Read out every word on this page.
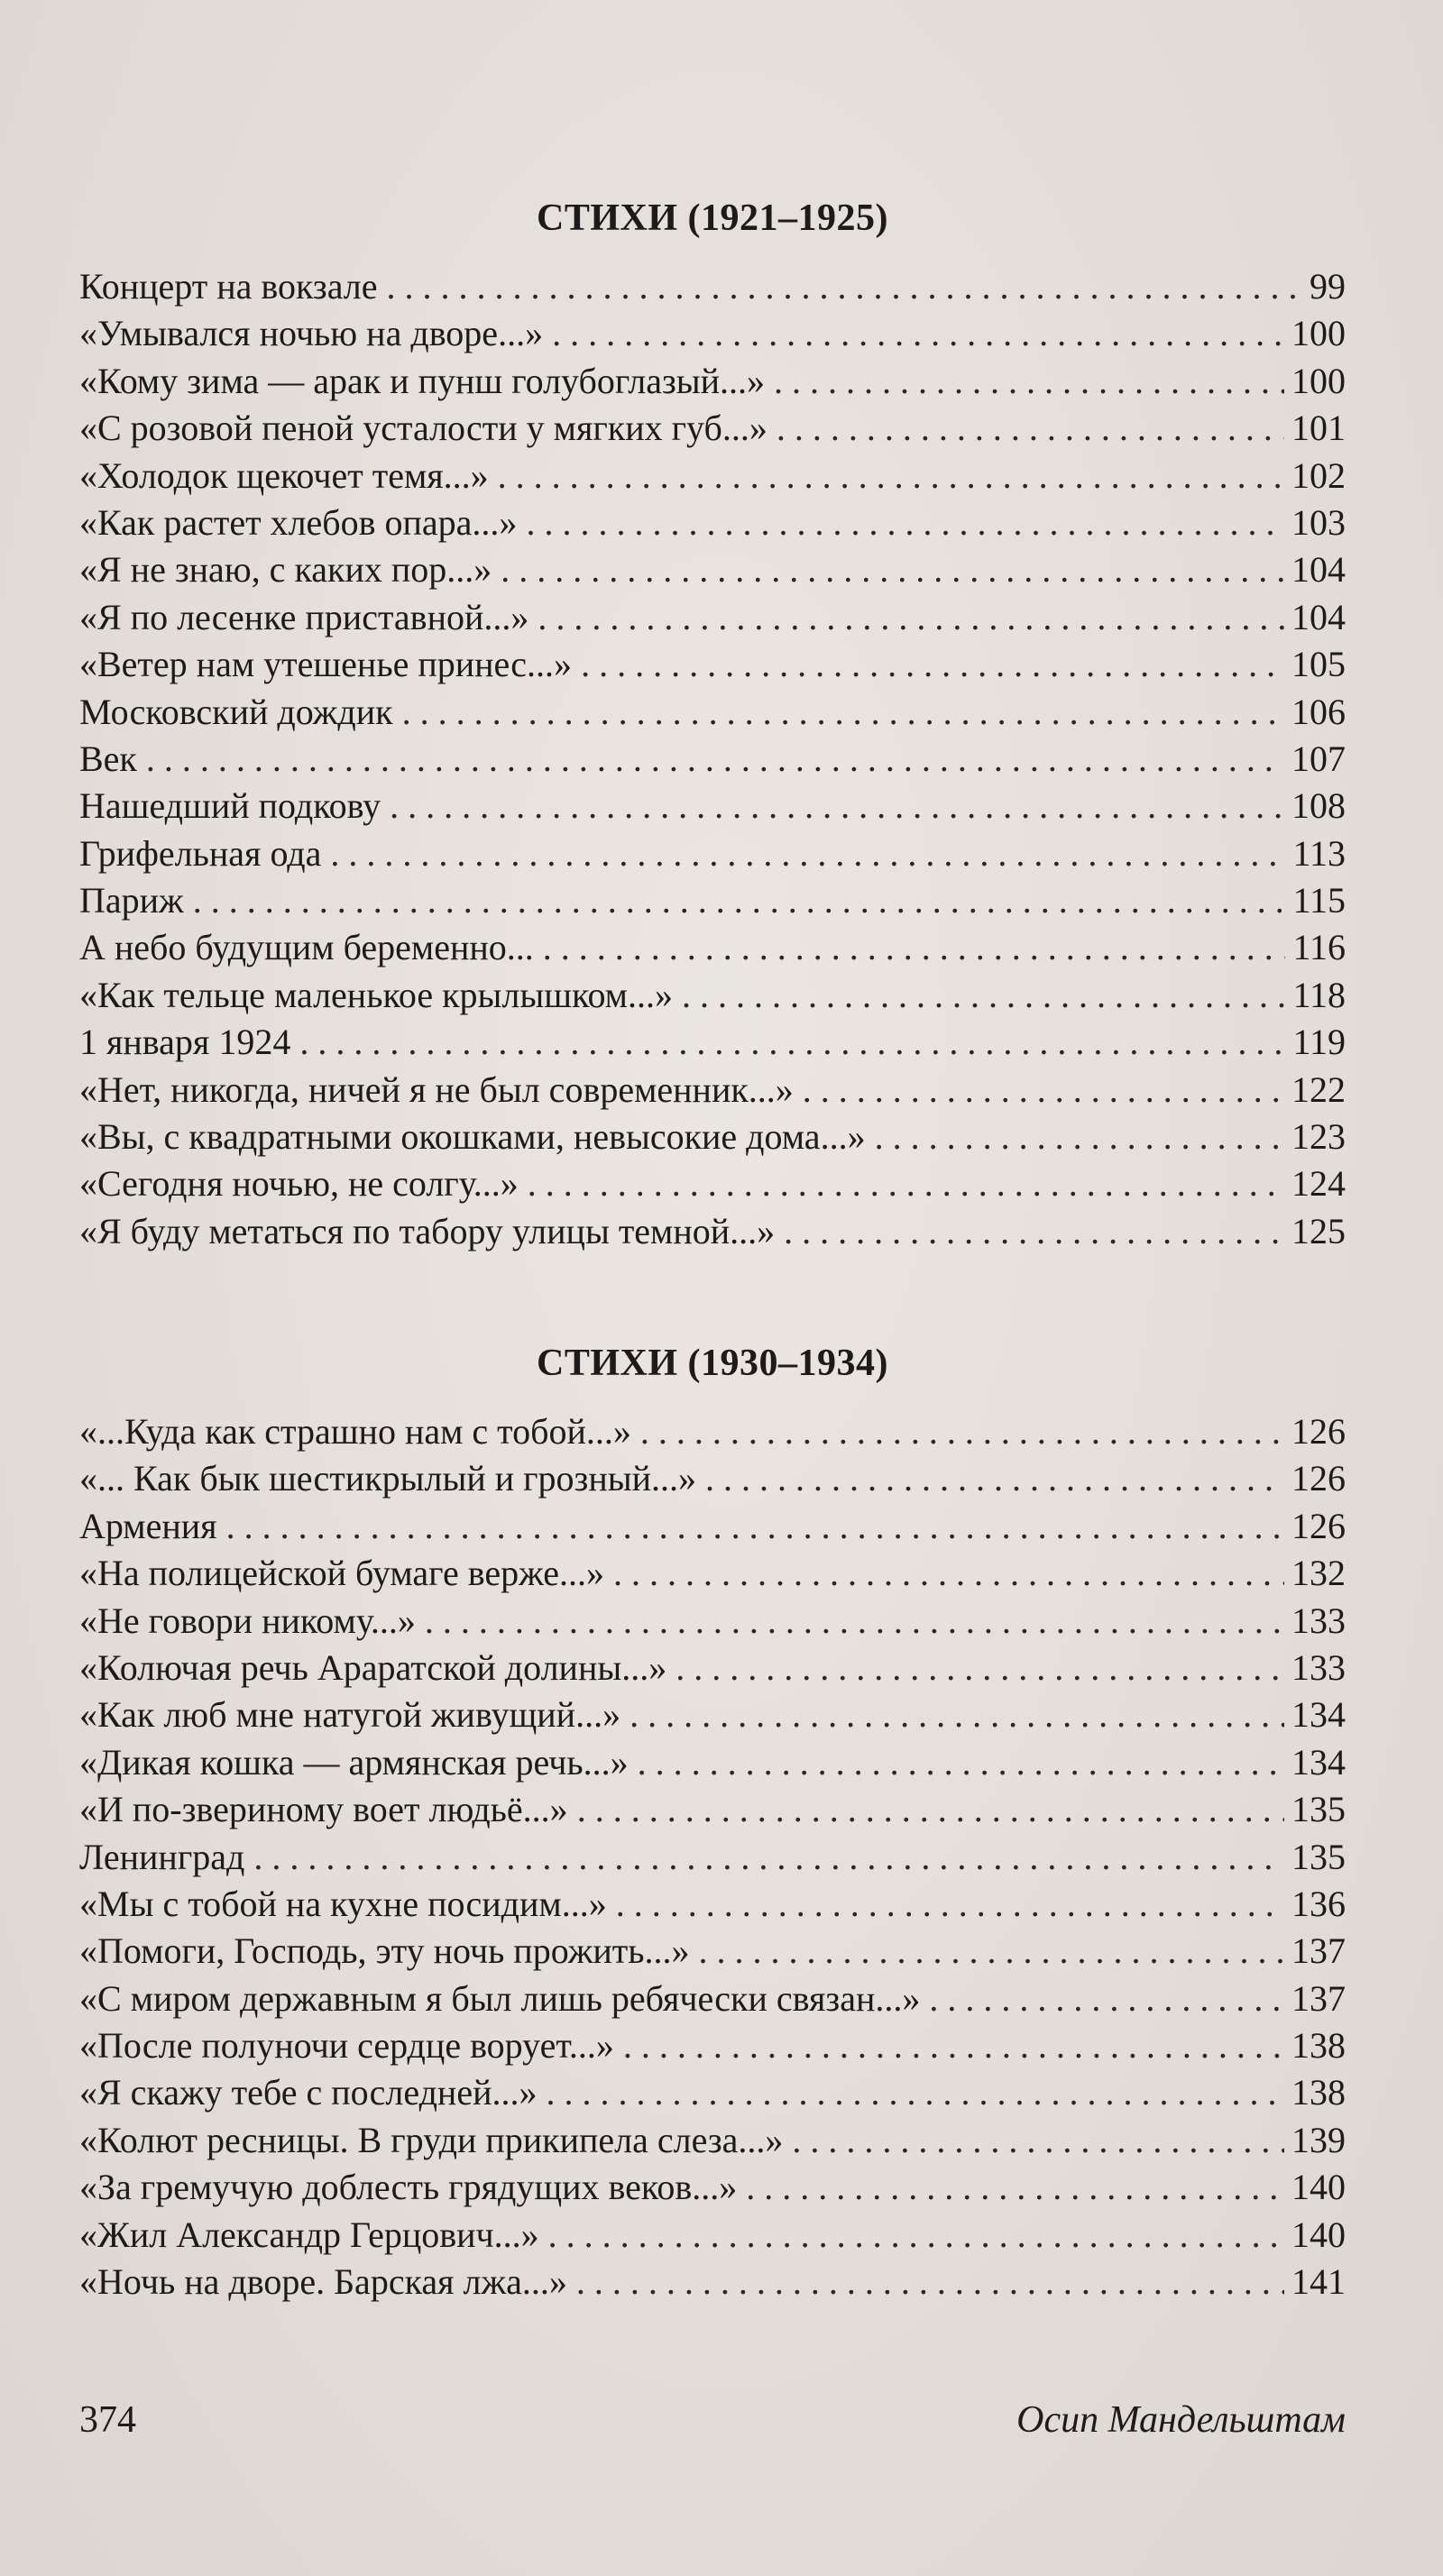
СТИХИ (1921–1925)
Концерт на вокзале . . .	99
«Умывался ночью на дворе...» . . .	100
«Кому зима — арак и пунш голубоглазый...» . . .	100
«С розовой пеной усталости у мягких губ...» . . .	101
«Холодок щекочет темя...» . . .	102
«Как растет хлебов опара...» . . .	103
«Я не знаю, с каких пор...» . . .	104
«Я по лесенке приставной...» . . .	104
«Ветер нам утешенье принес...» . . .	105
Московский дождик . . .	106
Век . . .	107
Нашедший подкову . . .	108
Грифельная ода . . .	113
Париж . . .	115
А небо будущим беременно... . . .	116
«Как тельце маленькое крылышком...» . . .	118
1 января 1924 . . .	119
«Нет, никогда, ничей я не был современник...» . . .	122
«Вы, с квадратными окошками, невысокие дома...» . . .	123
«Сегодня ночью, не солгу...» . . .	124
«Я буду метаться по табору улицы темной...» . . .	125
СТИХИ (1930–1934)
«...Куда как страшно нам с тобой...» . . .	126
«... Как бык шестикрылый и грозный...» . . .	126
Армения . . .	126
«На полицейской бумаге верже...» . . .	132
«Не говори никому...» . . .	133
«Колючая речь Араратской долины...» . . .	133
«Как люб мне натугой живущий...» . . .	134
«Дикая кошка — армянская речь...» . . .	134
«И по-звериному воет людьё...» . . .	135
Ленинград . . .	135
«Мы с тобой на кухне посидим...» . . .	136
«Помоги, Господь, эту ночь прожить...» . . .	137
«С миром державным я был лишь ребячески связан...» . . .	137
«После полуночи сердце ворует...» . . .	138
«Я скажу тебе с последней...» . . .	138
«Колют ресницы. В груди прикипела слеза...» . . .	139
«За гремучую доблесть грядущих веков...» . . .	140
«Жил Александр Герцович...» . . .	140
«Ночь на дворе. Барская лжа...» . . .	141
374	Осип Мандельштам
